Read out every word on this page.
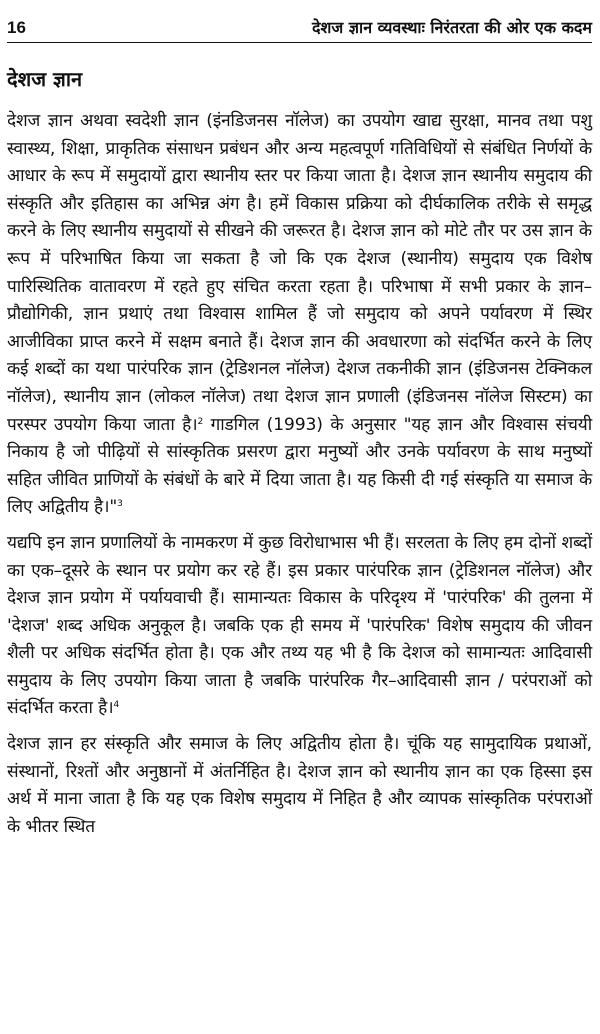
16	देशज ज्ञान व्यवस्थाः निरंतरता की ओर एक कदम
देशज ज्ञान

देशज ज्ञान अथवा स्वदेशी ज्ञान (इंनडिजनस नॉलेज) का उपयोग खाद्य सुरक्षा, मानव तथा पशु स्वास्थ्य, शिक्षा, प्राकृतिक संसाधन प्रबंधन और अन्य महत्वपूर्ण गतिविधियों से संबंधित निर्णयों के आधार के रूप में समुदायों द्वारा स्थानीय स्तर पर किया जाता है। देशज ज्ञान स्थानीय समुदाय की संस्कृति और इतिहास का अभिन्न अंग है। हमें विकास प्रक्रिया को दीर्घकालिक तरीके से समृद्ध करने के लिए स्थानीय समुदायों से सीखने की जरूरत है। देशज ज्ञान को मोटे तौर पर उस ज्ञान के रूप में परिभाषित किया जा सकता है जो कि एक देशज (स्थानीय) समुदाय एक विशेष पारिस्थितिक वातावरण में रहते हुए संचित करता रहता है। परिभाषा में सभी प्रकार के ज्ञान–प्रौद्योगिकी, ज्ञान प्रथाएं तथा विश्वास शामिल हैं जो समुदाय को अपने पर्यावरण में स्थिर आजीविका प्राप्त करने में सक्षम बनाते हैं। देशज ज्ञान की अवधारणा को संदर्भित करने के लिए कई शब्दों का यथा पारंपरिक ज्ञान (ट्रेडिशनल नॉलेज) देशज तकनीकी ज्ञान (इंडिजनस टेक्निकल नॉलेज), स्थानीय ज्ञान (लोकल नॉलेज) तथा देशज ज्ञान प्रणाली (इंडिजनस नॉलेज सिस्टम) का परस्पर उपयोग किया जाता है।$^2$ गाडगिल (1993) के अनुसार "यह ज्ञान और विश्वास संचयी निकाय है जो पीढ़ियों से सांस्कृतिक प्रसरण द्वारा मनुष्यों और उनके पर्यावरण के साथ मनुष्यों सहित जीवित प्राणियों के संबंधों के बारे में दिया जाता है। यह किसी दी गई संस्कृति या समाज के लिए अद्वितीय है।"$^3$

यद्यपि इन ज्ञान प्रणालियों के नामकरण में कुछ विरोधाभास भी हैं। सरलता के लिए हम दोनों शब्दों का एक–दूसरे के स्थान पर प्रयोग कर रहे हैं। इस प्रकार पारंपरिक ज्ञान (ट्रेडिशनल नॉलेज) और देशज ज्ञान प्रयोग में पर्यायवाची हैं। सामान्यतः विकास के परिदृश्य में 'पारंपरिक' की तुलना में 'देशज' शब्द अधिक अनुकूल है। जबकि एक ही समय में 'पारंपरिक' विशेष समुदाय की जीवन शैली पर अधिक संदर्भित होता है। एक और तथ्य यह भी है कि देशज को सामान्यतः आदिवासी समुदाय के लिए उपयोग किया जाता है जबकि पारंपरिक गैर–आदिवासी ज्ञान / परंपराओं को संदर्भित करता है।$^4$

देशज ज्ञान हर संस्कृति और समाज के लिए अद्वितीय होता है। चूंकि यह सामुदायिक प्रथाओं, संस्थानों, रिश्तों और अनुष्ठानों में अंतर्निहित है। देशज ज्ञान को स्थानीय ज्ञान का एक हिस्सा इस अर्थ में माना जाता है कि यह एक विशेष समुदाय में निहित है और व्यापक सांस्कृतिक परंपराओं के भीतर स्थित
